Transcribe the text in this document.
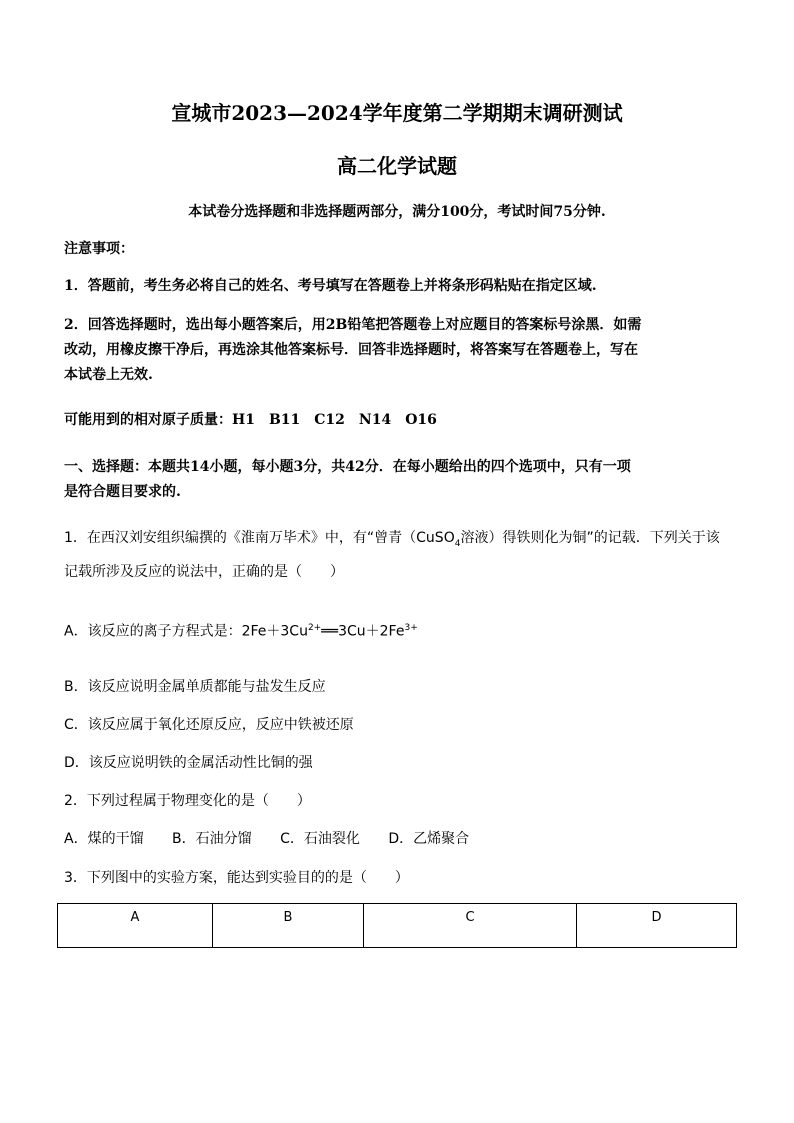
宣城市2023—2024学年度第二学期期末调研测试
高二化学试题
本试卷分选择题和非选择题两部分，满分100分，考试时间75分钟.
注意事项：
1．答题前，考生务必将自己的姓名、考号填写在答题卷上并将条形码粘贴在指定区域.
2．回答选择题时，选出每小题答案后，用2B铅笔把答题卷上对应题目的答案标号涂黑．如需
改动，用橡皮擦干净后，再选涂其他答案标号．回答非选择题时，将答案写在答题卷上，写在
本试卷上无效.
可能用到的相对原子质量：H1　B11　C12　N14　O16
一、选择题：本题共14小题，每小题3分，共42分．在每小题给出的四个选项中，只有一项
是符合题目要求的.
1．在西汉刘安组织编撰的《淮南万毕术》中，有“曾青（CuSO$_4$溶液）得铁则化为铜”的记载．下列关于该
记载所涉及反应的说法中，正确的是（　　）
A．该反应的离子方程式是：$2Fe+3Cu^{2+}══3Cu+2Fe^{3+}$
B．该反应说明金属单质都能与盐发生反应
C．该反应属于氧化还原反应，反应中铁被还原
D．该反应说明铁的金属活动性比铜的强
2．下列过程属于物理变化的是（　　）
A．煤的干馏 B．石油分馏 C．石油裂化 D．乙烯聚合
3．下列图中的实验方案，能达到实验目的的是（　　）
A	B	C	D
